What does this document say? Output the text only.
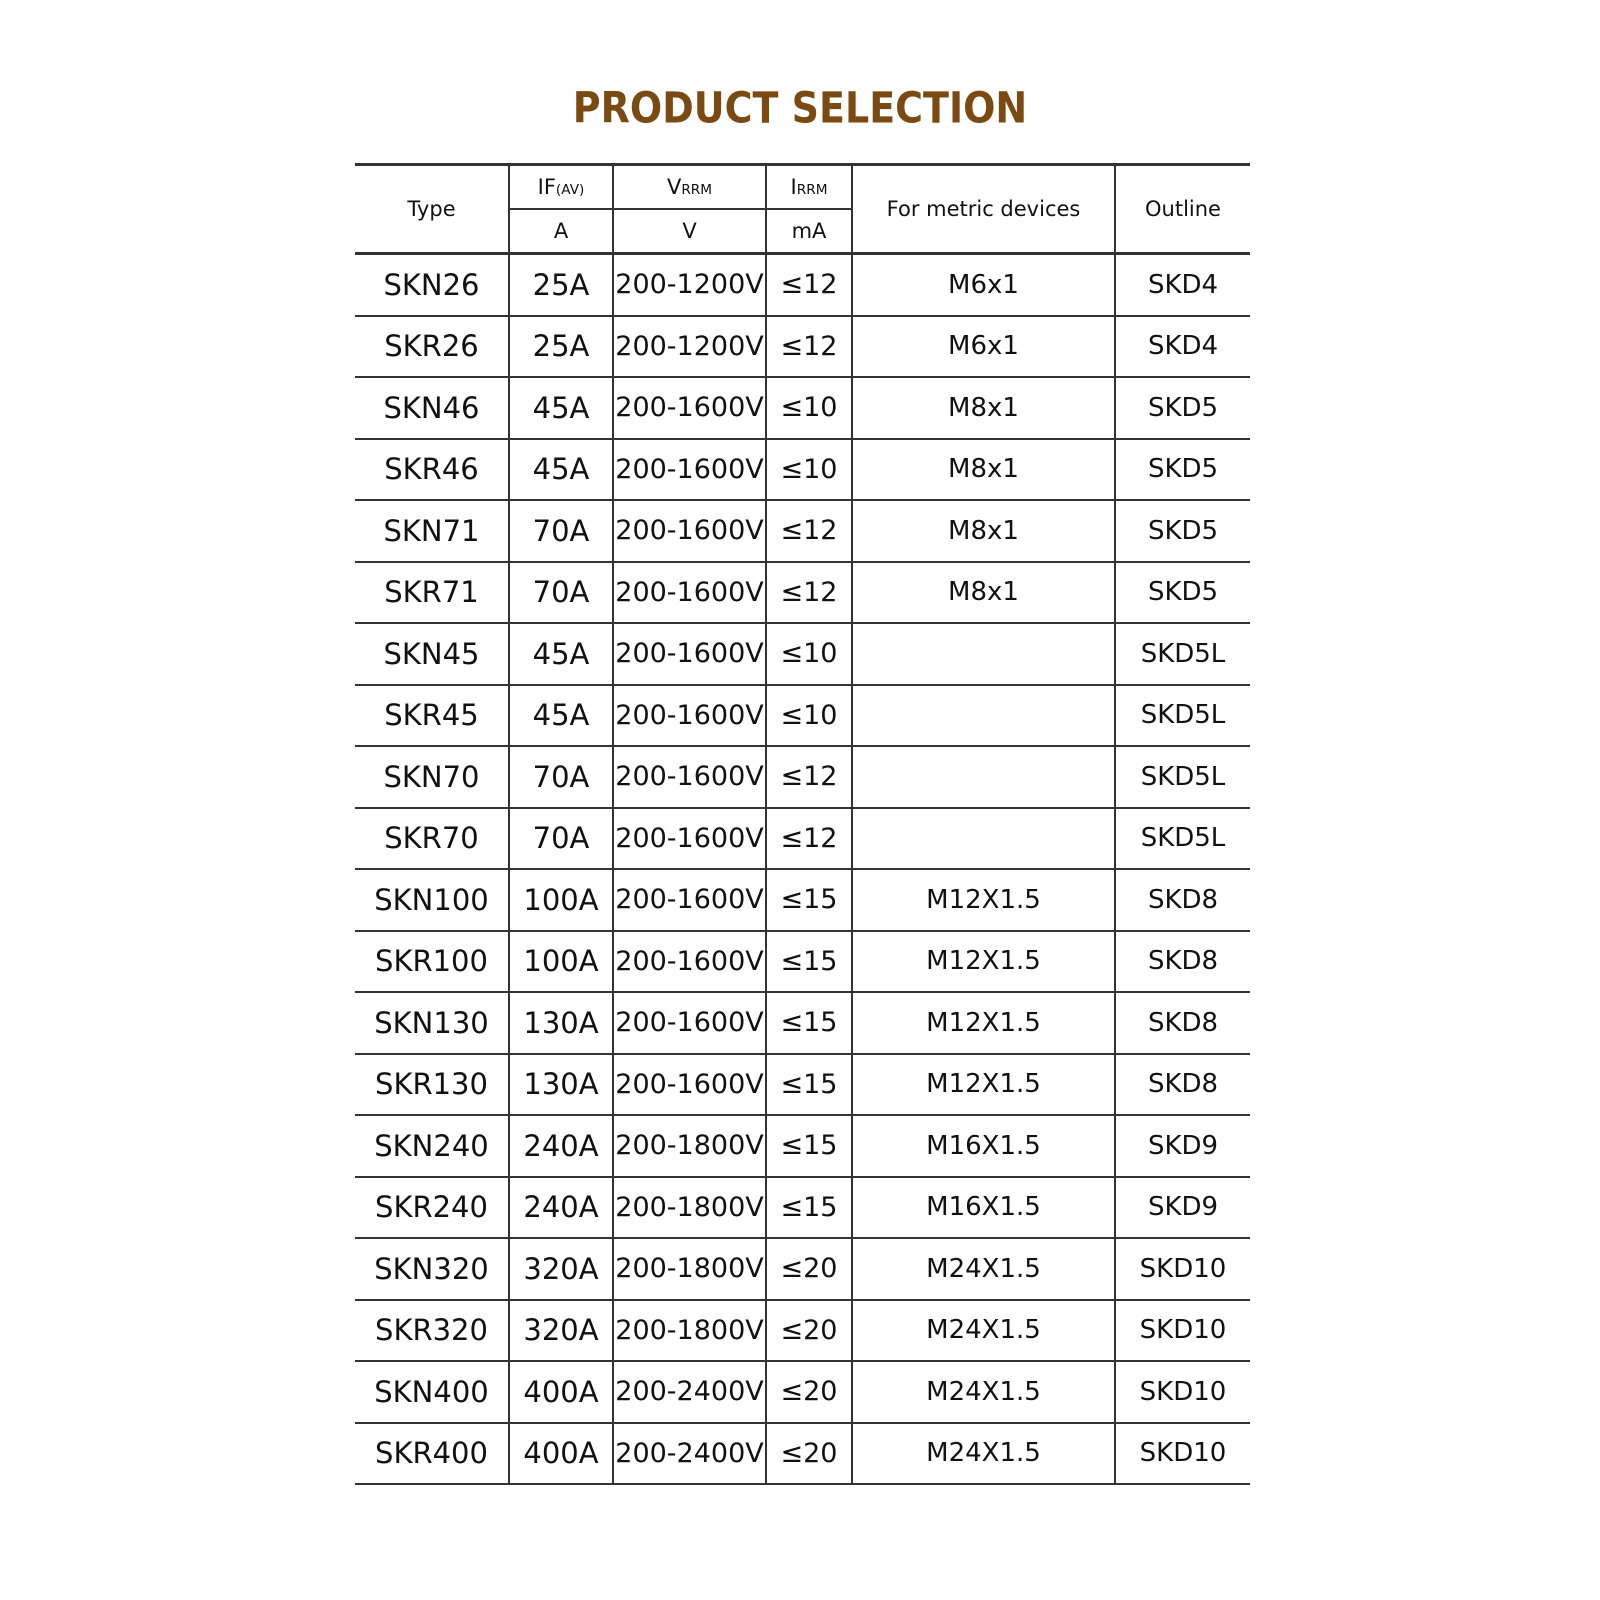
PRODUCT SELECTION
Type	IF(AV)	VRRM	IRRM	For metric devices	Outline
	A	V	mA		
SKN26	25A	200-1200V	≤12	M6x1	SKD4
SKR26	25A	200-1200V	≤12	M6x1	SKD4
SKN46	45A	200-1600V	≤10	M8x1	SKD5
SKR46	45A	200-1600V	≤10	M8x1	SKD5
SKN71	70A	200-1600V	≤12	M8x1	SKD5
SKR71	70A	200-1600V	≤12	M8x1	SKD5
SKN45	45A	200-1600V	≤10		SKD5L
SKR45	45A	200-1600V	≤10		SKD5L
SKN70	70A	200-1600V	≤12		SKD5L
SKR70	70A	200-1600V	≤12		SKD5L
SKN100	100A	200-1600V	≤15	M12X1.5	SKD8
SKR100	100A	200-1600V	≤15	M12X1.5	SKD8
SKN130	130A	200-1600V	≤15	M12X1.5	SKD8
SKR130	130A	200-1600V	≤15	M12X1.5	SKD8
SKN240	240A	200-1800V	≤15	M16X1.5	SKD9
SKR240	240A	200-1800V	≤15	M16X1.5	SKD9
SKN320	320A	200-1800V	≤20	M24X1.5	SKD10
SKR320	320A	200-1800V	≤20	M24X1.5	SKD10
SKN400	400A	200-2400V	≤20	M24X1.5	SKD10
SKR400	400A	200-2400V	≤20	M24X1.5	SKD10
